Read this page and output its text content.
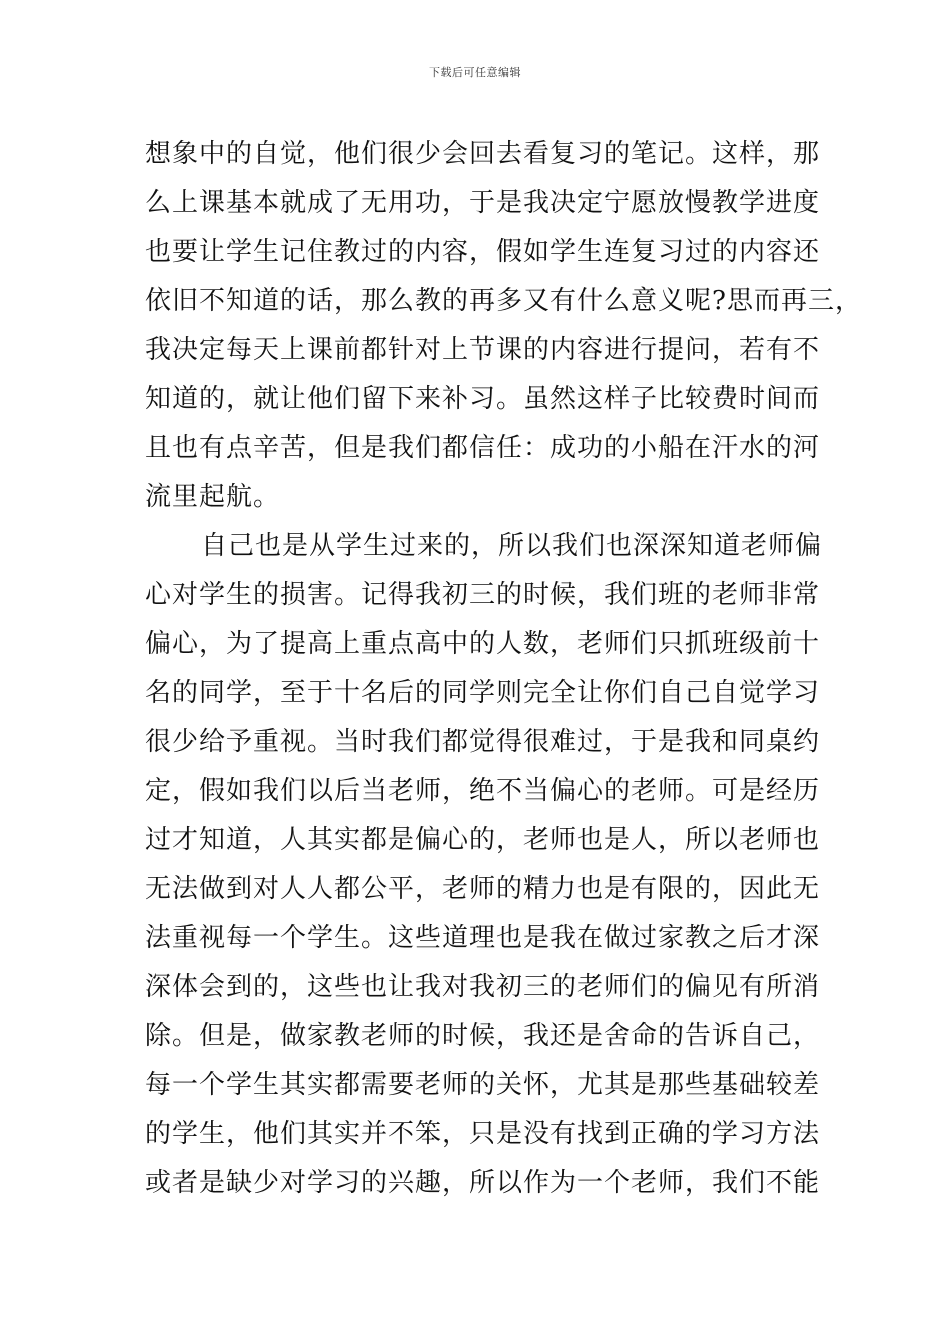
下载后可任意编辑
想象中的自觉，他们很少会回去看复习的笔记。这样，那
么上课基本就成了无用功，于是我决定宁愿放慢教学进度
也要让学生记住教过的内容，假如学生连复习过的内容还
依旧不知道的话，那么教的再多又有什么意义呢?思而再三，
我决定每天上课前都针对上节课的内容进行提问，若有不
知道的，就让他们留下来补习。虽然这样子比较费时间而
且也有点辛苦，但是我们都信任：成功的小船在汗水的河
流里起航。
自己也是从学生过来的，所以我们也深深知道老师偏
心对学生的损害。记得我初三的时候，我们班的老师非常
偏心，为了提高上重点高中的人数，老师们只抓班级前十
名的同学，至于十名后的同学则完全让你们自己自觉学习
很少给予重视。当时我们都觉得很难过，于是我和同桌约
定，假如我们以后当老师，绝不当偏心的老师。可是经历
过才知道，人其实都是偏心的，老师也是人，所以老师也
无法做到对人人都公平，老师的精力也是有限的，因此无
法重视每一个学生。这些道理也是我在做过家教之后才深
深体会到的，这些也让我对我初三的老师们的偏见有所消
除。但是，做家教老师的时候，我还是舍命的告诉自己，
每一个学生其实都需要老师的关怀，尤其是那些基础较差
的学生，他们其实并不笨，只是没有找到正确的学习方法
或者是缺少对学习的兴趣，所以作为一个老师，我们不能
